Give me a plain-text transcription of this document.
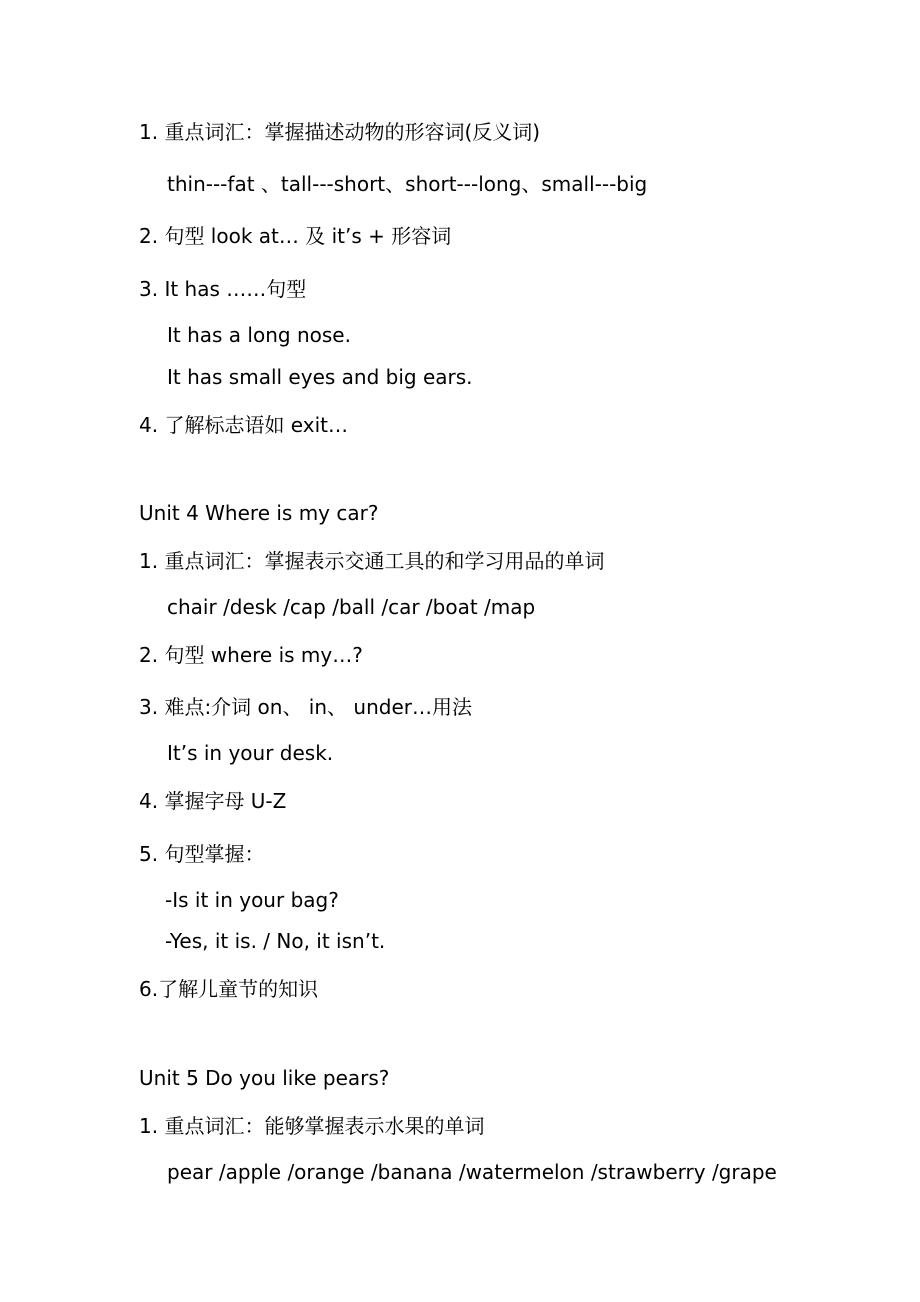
1. 重点词汇：掌握描述动物的形容词(反义词)
thin---fat 、tall---short、short---long、small---big
2. 句型 look at… 及 it’s + 形容词
3. It has ……句型
It has a long nose.
It has small eyes and big ears.
4. 了解标志语如 exit…
Unit 4 Where is my car?
1. 重点词汇：掌握表示交通工具的和学习用品的单词
chair /desk /cap /ball /car /boat /map
2. 句型 where is my…?
3. 难点:介词 on、 in、 under…用法
It’s in your desk.
4. 掌握字母 U-Z
5. 句型掌握：
-Is it in your bag?
-Yes, it is. / No, it isn’t.
6.了解儿童节的知识
Unit 5 Do you like pears?
1. 重点词汇：能够掌握表示水果的单词
pear /apple /orange /banana /watermelon /strawberry /grape
